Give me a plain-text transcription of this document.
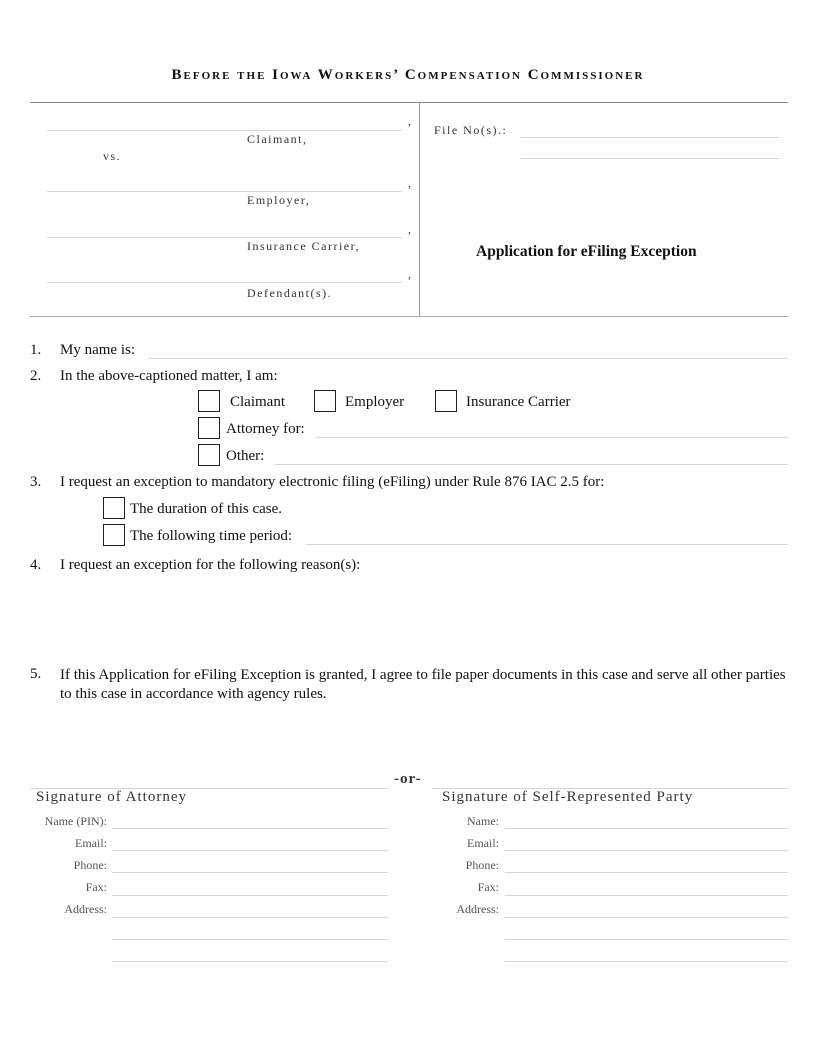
Before the Iowa Workers’ Compensation Commissioner
,
Claimant,
vs.
,
Employer,
,
Insurance Carrier,
,
Defendant(s).
File No(s).:
Application for eFiling Exception
1. My name is:
2. In the above-captioned matter, I am:
Claimant	Employer	Insurance Carrier
Attorney for:
Other:
3. I request an exception to mandatory electronic filing (eFiling) under Rule 876 IAC 2.5 for:
The duration of this case.
The following time period:
4. I request an exception for the following reason(s):
5. If this Application for eFiling Exception is granted, I agree to file paper documents in this case and serve all other parties to this case in accordance with agency rules.
-or-
Signature of Attorney	Signature of Self-Represented Party
Name (PIN):
Email:
Phone:
Fax:
Address:
Name:
Email:
Phone:
Fax:
Address:
